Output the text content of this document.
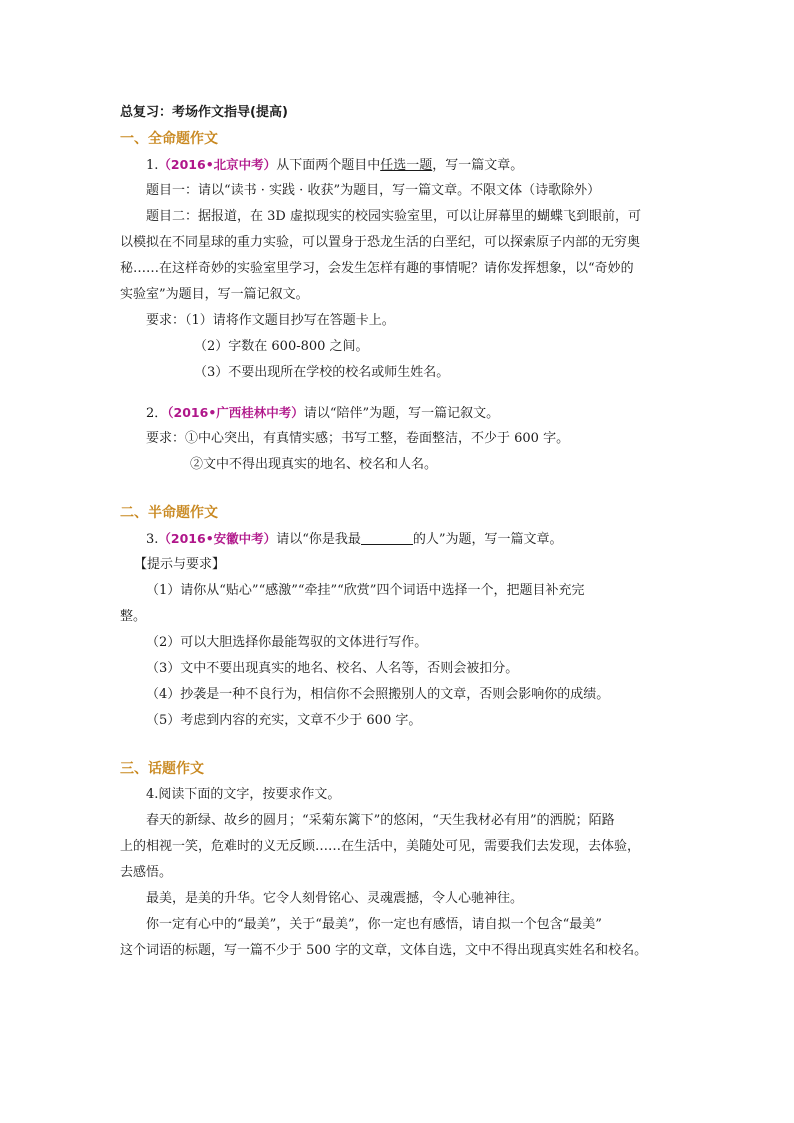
总复习：考场作文指导(提高)
一、全命题作文
1.（2016•北京中考）从下面两个题目中任选一题，写一篇文章。
题目一：请以“读书 · 实践 · 收获”为题目，写一篇文章。不限文体（诗歌除外）
题目二：据报道，在 3D 虚拟现实的校园实验室里，可以让屏幕里的蝴蝶飞到眼前，可
以模拟在不同星球的重力实验，可以置身于恐龙生活的白垩纪，可以探索原子内部的无穷奥
秘……在这样奇妙的实验室里学习，会发生怎样有趣的事情呢？请你发挥想象，以“奇妙的
实验室”为题目，写一篇记叙文。
要求：（1）请将作文题目抄写在答题卡上。
（2）字数在 600-800 之间。
（3）不要出现所在学校的校名或师生姓名。
2．（2016•广西桂林中考）请以“陪伴”为题，写一篇记叙文。
要求：①中心突出，有真情实感；书写工整，卷面整洁，不少于 600 字。
②文中不得出现真实的地名、校名和人名。
二、半命题作文
3.（2016•安徽中考）请以“你是我最	的人”为题，写一篇文章。
【提示与要求】
（1）请你从“贴心”“感激”“牵挂”“欣赏”四个词语中选择一个，把题目补充完
整。
（2）可以大胆选择你最能驾驭的文体进行写作。
（3）文中不要出现真实的地名、校名、人名等，否则会被扣分。
（4）抄袭是一种不良行为，相信你不会照搬别人的文章，否则会影响你的成绩。
（5）考虑到内容的充实，文章不少于 600 字。
三、话题作文
4.阅读下面的文字，按要求作文。
春天的新绿、故乡的圆月；“采菊东篱下”的悠闲，“天生我材必有用”的洒脱；陌路
上的相视一笑，危难时的义无反顾……在生活中，美随处可见，需要我们去发现，去体验，
去感悟。
最美，是美的升华。它令人刻骨铭心、灵魂震撼，令人心驰神往。
你一定有心中的“最美”，关于“最美”，你一定也有感悟，请自拟一个包含“最美”
这个词语的标题，写一篇不少于 500 字的文章，文体自选，文中不得出现真实姓名和校名。
